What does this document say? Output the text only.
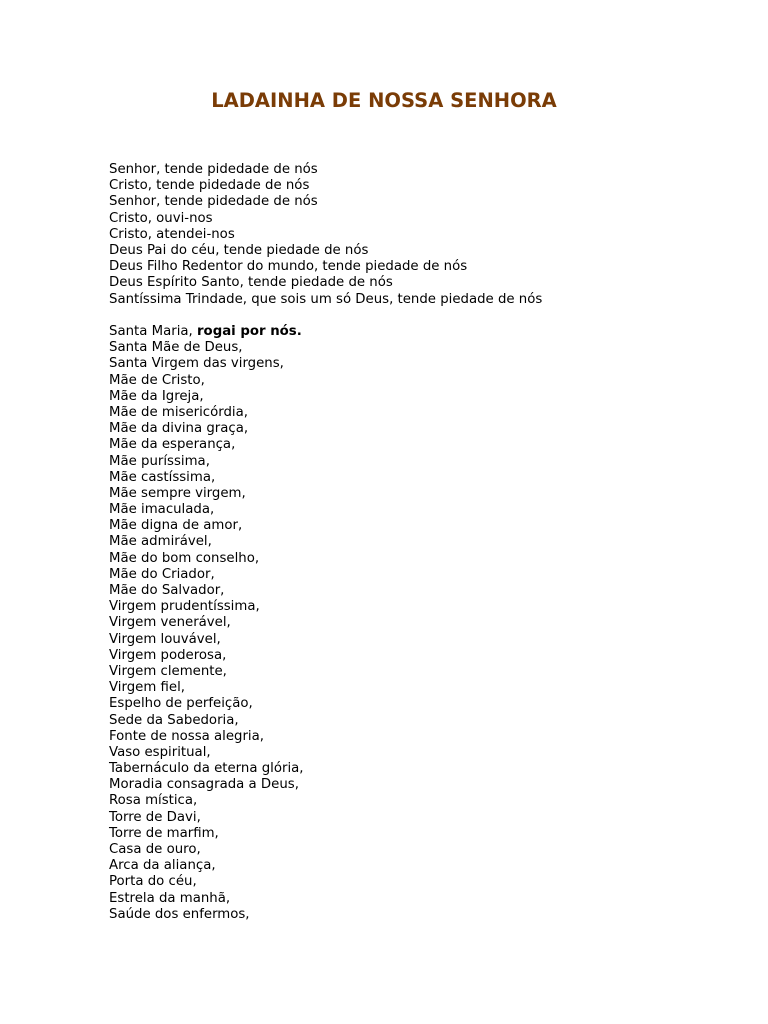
LADAINHA DE NOSSA SENHORA
Senhor, tende pidedade de nós
Cristo, tende pidedade de nós
Senhor, tende pidedade de nós
Cristo, ouvi-nos
Cristo, atendei-nos
Deus Pai do céu, tende piedade de nós
Deus Filho Redentor do mundo, tende piedade de nós
Deus Espírito Santo, tende piedade de nós
Santíssima Trindade, que sois um só Deus, tende piedade de nós
Santa Maria, rogai por nós.
Santa Mãe de Deus,
Santa Virgem das virgens,
Mãe de Cristo,
Mãe da Igreja,
Mãe de misericórdia,
Mãe da divina graça,
Mãe da esperança,
Mãe puríssima,
Mãe castíssima,
Mãe sempre virgem,
Mãe imaculada,
Mãe digna de amor,
Mãe admirável,
Mãe do bom conselho,
Mãe do Criador,
Mãe do Salvador,
Virgem prudentíssima,
Virgem venerável,
Virgem louvável,
Virgem poderosa,
Virgem clemente,
Virgem fiel,
Espelho de perfeição,
Sede da Sabedoria,
Fonte de nossa alegria,
Vaso espiritual,
Tabernáculo da eterna glória,
Moradia consagrada a Deus,
Rosa mística,
Torre de Davi,
Torre de marfim,
Casa de ouro,
Arca da aliança,
Porta do céu,
Estrela da manhã,
Saúde dos enfermos,
